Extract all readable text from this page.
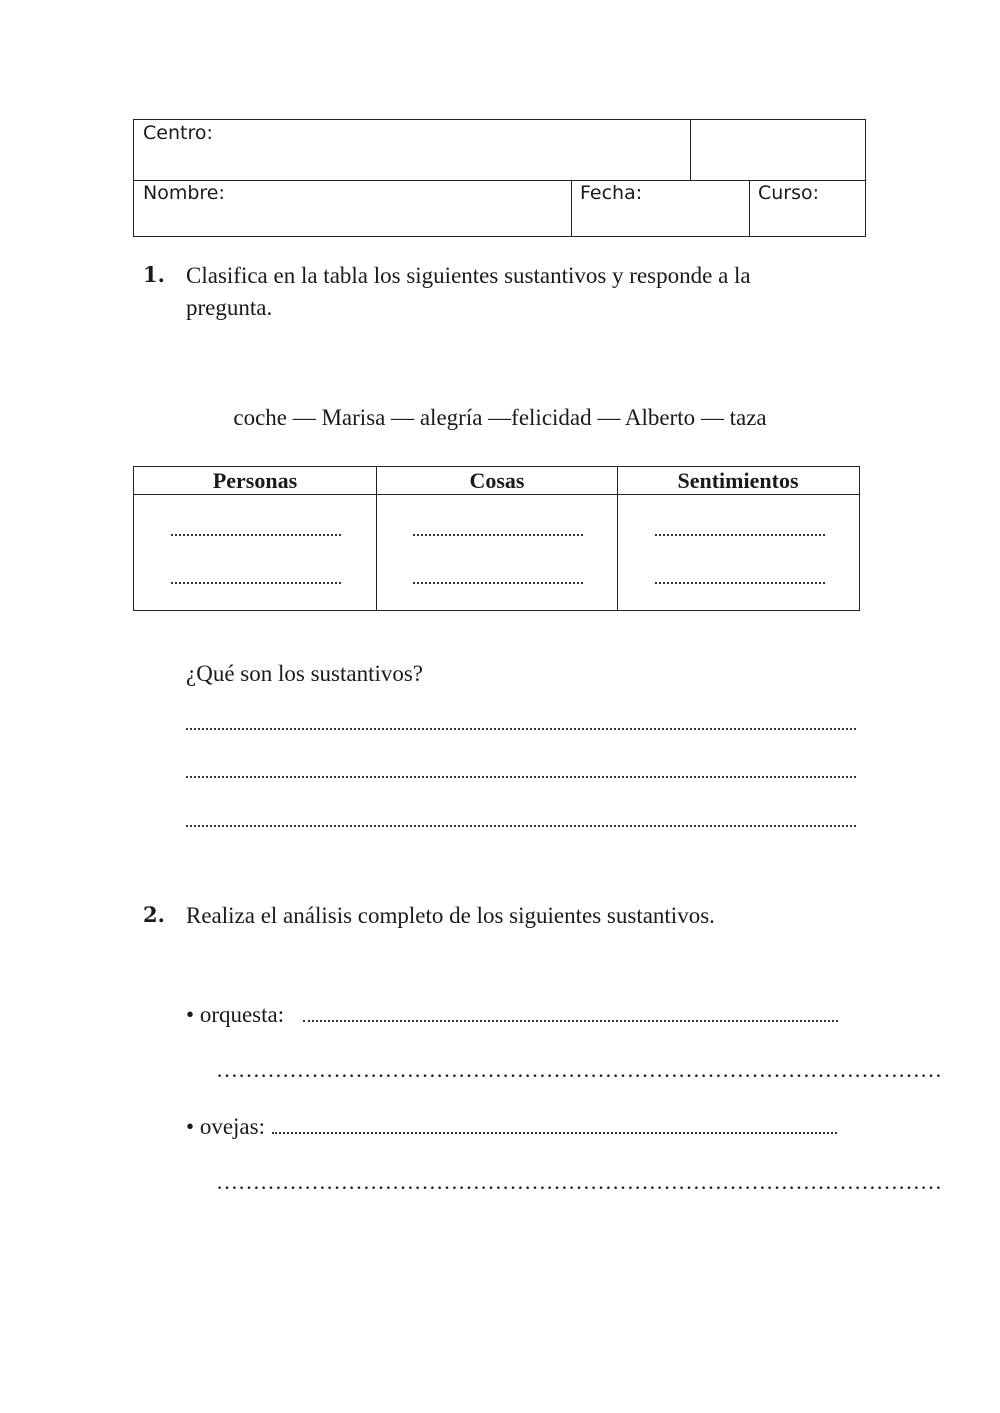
Centro:
Nombre:	Fecha:	Curso:
1. Clasifica en la tabla los siguientes sustantivos y responde a la
pregunta.
coche — Marisa — alegría —felicidad — Alberto — taza
Personas	Cosas	Sentimientos
¿Qué son los sustantivos?
2. Realiza el análisis completo de los siguientes sustantivos.
• orquesta:
………………………………………………………………………………………
• ovejas:
………………………………………………………………………………………
